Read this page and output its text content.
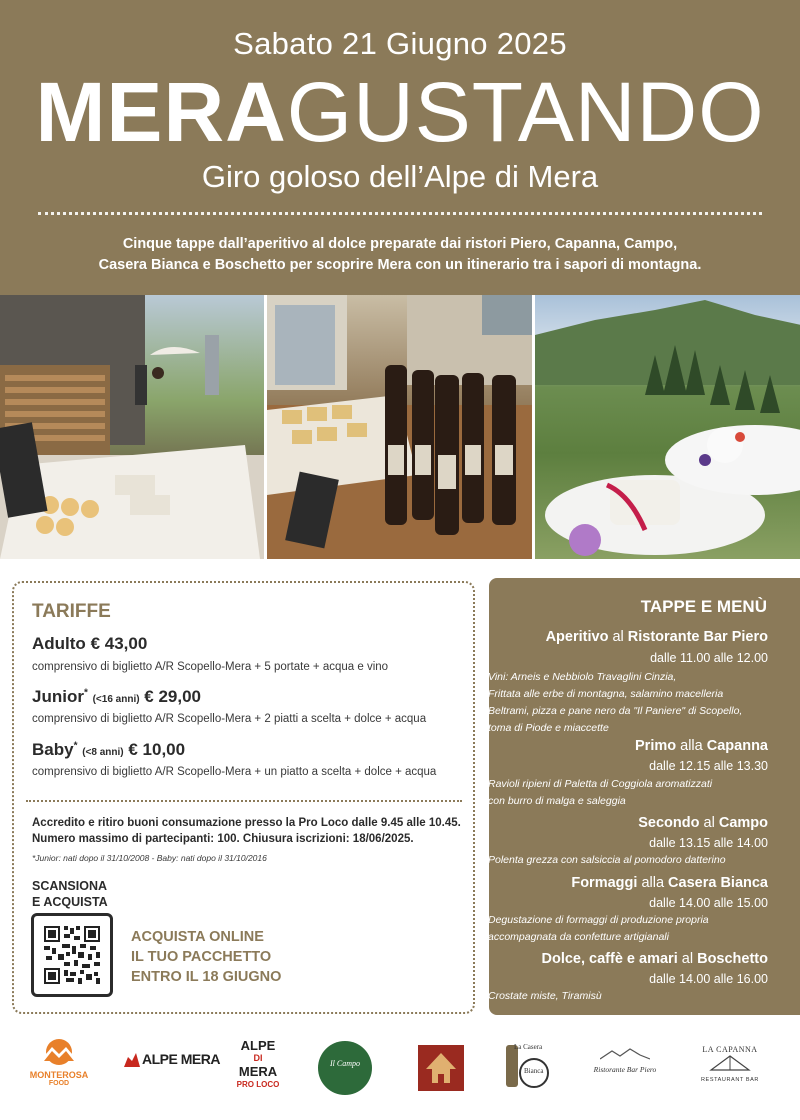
Sabato 21 Giugno 2025
MERAGUSTANDO
Giro goloso dell’Alpe di Mera
Cinque tappe dall’aperitivo al dolce preparate dai ristori Piero, Capanna, Campo,
Casera Bianca e Boschetto per scoprire Mera con un itinerario tra i sapori di montagna.
TARIFFE
Adulto € 43,00
comprensivo di biglietto A/R Scopello-Mera + 5 portate + acqua e vino
Junior* (<16 anni) € 29,00
comprensivo di biglietto A/R Scopello-Mera + 2 piatti a scelta + dolce + acqua
Baby* (<8 anni) € 10,00
comprensivo di biglietto A/R Scopello-Mera + un piatto a scelta + dolce + acqua
Accredito e ritiro buoni consumazione presso la Pro Loco dalle 9.45 alle 10.45.
Numero massimo di partecipanti: 100. Chiusura iscrizioni: 18/06/2025.
*Junior: nati dopo il 31/10/2008 - Baby: nati dopo il 31/10/2016
SCANSIONA
E ACQUISTA
ACQUISTA ONLINE
IL TUO PACCHETTO
ENTRO IL 18 GIUGNO
TAPPE E MENÙ
Aperitivo al Ristorante Bar Piero
dalle 11.00 alle 12.00
Vini: Arneis e Nebbiolo Travaglini Cinzia,
Frittata alle erbe di montagna, salamino macelleria
Beltrami, pizza e pane nero da "Il Paniere" di Scopello,
toma di Piode e miaccette
Primo alla Capanna
dalle 12.15 alle 13.30
Ravioli ripieni di Paletta di Coggiola aromatizzati
con burro di malga e saleggia
Secondo al Campo
dalle 13.15 alle 14.00
Polenta grezza con salsiccia al pomodoro datterino
Formaggi alla Casera Bianca
dalle 14.00 alle 15.00
Degustazione di formaggi di produzione propria
accompagnata da confetture artigianali
Dolce, caffè e amari al Boschetto
dalle 14.00 alle 16.00
Crostate miste, Tiramisù
MONTEROSA
FOOD
ALPE MERA
ALPE
DI
MERA
PRO LOCO
Il Campo
La Casera
Bianca	Ristorante Bar Piero
LA CAPANNA
RESTAURANT BAR
